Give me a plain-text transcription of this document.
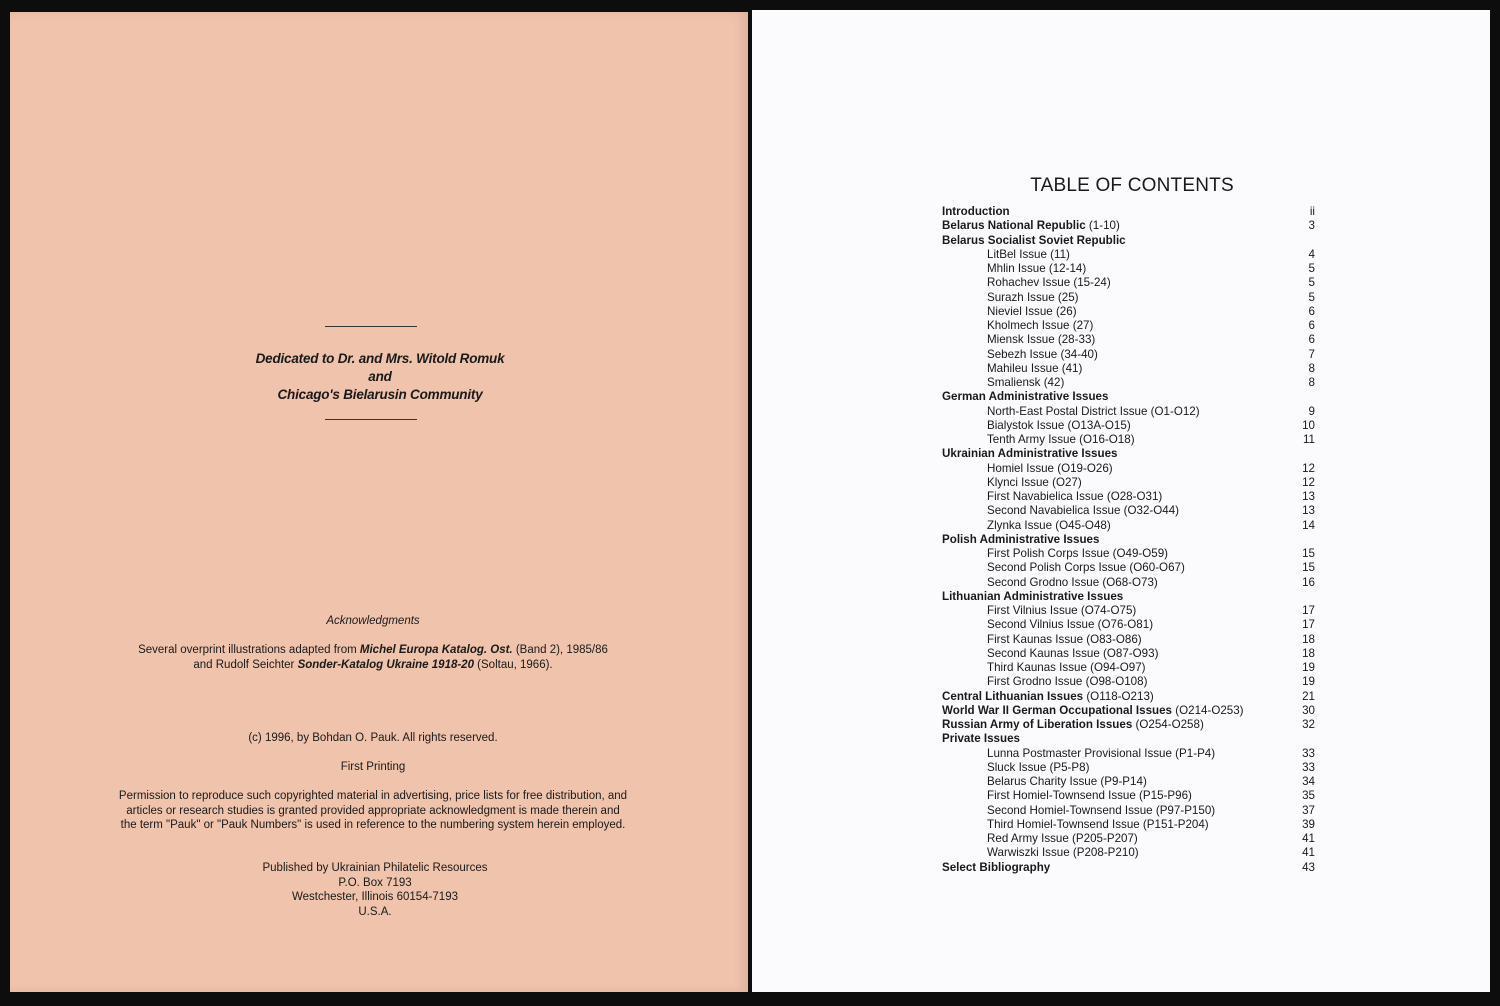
Dedicated to Dr. and Mrs. Witold Romuk
and
Chicago's Bielarusin Community
Acknowledgments
Several overprint illustrations adapted from Michel Europa Katalog. Ost. (Band 2), 1985/86
and Rudolf Seichter Sonder-Katalog Ukraine 1918-20 (Soltau, 1966).
(c) 1996, by Bohdan O. Pauk. All rights reserved.
First Printing
Permission to reproduce such copyrighted material in advertising, price lists for free distribution, and
articles or research studies is granted provided appropriate acknowledgment is made therein and
the term "Pauk" or "Pauk Numbers" is used in reference to the numbering system herein employed.
Published by Ukrainian Philatelic Resources
P.O. Box 7193
Westchester, Illinois 60154-7193
U.S.A.
TABLE OF CONTENTS
Introduction	ii
Belarus National Republic (1-10)	3
Belarus Socialist Soviet Republic
LitBel Issue (11)	4
Mhlin Issue (12-14)	5
Rohachev Issue (15-24)	5
Surazh Issue (25)	5
Nieviel Issue (26)	6
Kholmech Issue (27)	6
Miensk Issue (28-33)	6
Sebezh Issue (34-40)	7
Mahileu Issue (41)	8
Smaliensk (42)	8
German Administrative Issues
North-East Postal District Issue (O1-O12)	9
Bialystok Issue (O13A-O15)	10
Tenth Army Issue (O16-O18)	11
Ukrainian Administrative Issues
Homiel Issue (O19-O26)	12
Klynci Issue (O27)	12
First Navabielica Issue (O28-O31)	13
Second Navabielica Issue (O32-O44)	13
Zlynka Issue (O45-O48)	14
Polish Administrative Issues
First Polish Corps Issue (O49-O59)	15
Second Polish Corps Issue (O60-O67)	15
Second Grodno Issue (O68-O73)	16
Lithuanian Administrative Issues
First Vilnius Issue (O74-O75)	17
Second Vilnius Issue (O76-O81)	17
First Kaunas Issue (O83-O86)	18
Second Kaunas Issue (O87-O93)	18
Third Kaunas Issue (O94-O97)	19
First Grodno Issue (O98-O108)	19
Central Lithuanian Issues (O118-O213)	21
World War II German Occupational Issues (O214-O253)	30
Russian Army of Liberation Issues (O254-O258)	32
Private Issues
Lunna Postmaster Provisional Issue (P1-P4)	33
Sluck Issue (P5-P8)	33
Belarus Charity Issue (P9-P14)	34
First Homiel-Townsend Issue (P15-P96)	35
Second Homiel-Townsend Issue (P97-P150)	37
Third Homiel-Townsend Issue (P151-P204)	39
Red Army Issue (P205-P207)	41
Warwiszki Issue (P208-P210)	41
Select Bibliography	43
